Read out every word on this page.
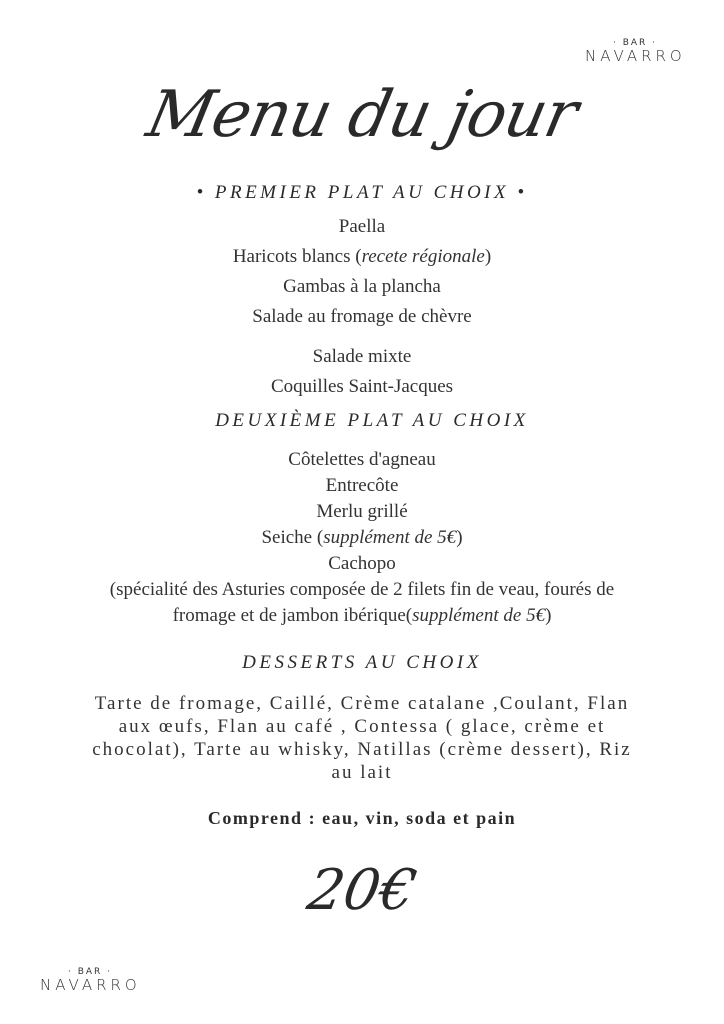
· BAR ·
NAVARRO
Menu du jour
• PREMIER PLAT AU CHOIX •
Paella
Haricots blancs (recete régionale)
Gambas à la plancha
Salade au fromage de chèvre
Salade mixte
Coquilles Saint-Jacques
DEUXIÈME PLAT AU CHOIX
Côtelettes d'agneau
Entrecôte
Merlu grillé
Seiche (supplément de 5€)
Cachopo
(spécialité des Asturies composée de 2 filets fin de veau, fourés de
fromage et de jambon ibérique(supplément de 5€)
DESSERTS AU CHOIX
Tarte de fromage, Caillé, Crème catalane ,Coulant, Flan
aux œufs, Flan au café , Contessa ( glace, crème et
chocolat), Tarte au whisky, Natillas (crème dessert), Riz
au lait
Comprend : eau, vin, soda et pain
20€
· BAR ·
NAVARRO
